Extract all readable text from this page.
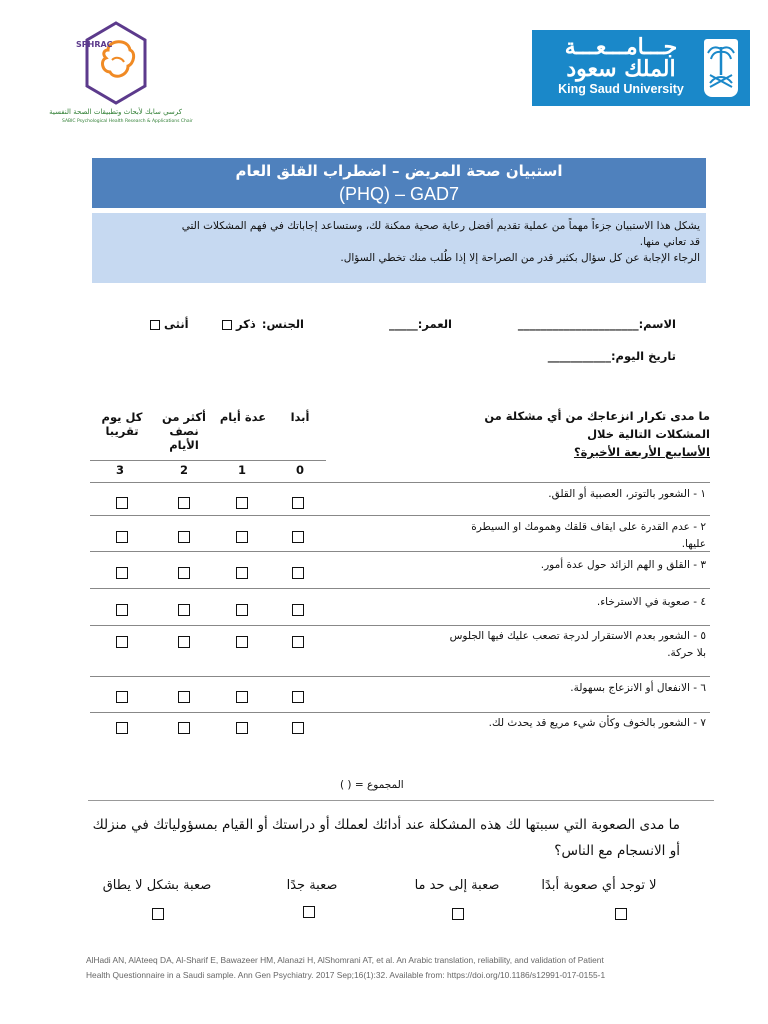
SPHRAC
كرسي سابك لأبحاث وتطبيقات الصحة النفسية
SABIC Psychological Health Research & Applications Chair
جـــامـــعـــة
الملك سعود
King Saud University
استبيان صحة المريض – اضطراب القلق العام
(PHQ) – GAD7
يشكل هذا الاستبيان جزءاً مهماً من عملية تقديم أفضل رعاية صحية ممكنة لك، وستساعد إجاباتك في فهم المشكلات التي
قد تعاني منها.
الرجاء الإجابة عن كل سؤال بكثير قدر من الصراحة إلا إذا طُلب منك تخطي السؤال.
الاسم:_____________________
العمر:_____
الجنس:
ذكر
أنثى
تاريخ اليوم:___________
ما مدى تكرار انزعاجك من أي مشكلة من المشكلات التالية خلال
الأسابيع الأربعة الأخيرة؟
أبدا
عدة أيام
أكثر من نصف الأيام
كل يوم تقريبا
0
1
2
3
١ - الشعور بالتوتر، العصبية أو القلق.
٢ - عدم القدرة على ايقاف قلقك وهمومك او السيطرة عليها.
٣ - القلق و الهم الزائد حول عدة أمور.
٤ - صعوبة في الاسترخاء.
٥ - الشعور بعدم الاستقرار لدرجة تصعب عليك فيها الجلوس بلا حركة.
٦ - الانفعال أو الانزعاج بسهولة.
٧ - الشعور بالخوف وكأن شيء مريع قد يحدث لك.
المجموع = ( )
ما مدى الصعوبة التي سببتها لك هذه المشكلة عند أدائك لعملك أو دراستك أو القيام بمسؤولياتك في منزلك أو الانسجام مع الناس؟
لا توجد أي صعوبة أبدًا
صعبة إلى حد ما
صعبة جدًا
صعبة بشكل لا يطاق
AlHadi AN, AlAteeq DA, Al-Sharif E, Bawazeer HM, Alanazi H, AlShomrani AT, et al. An Arabic translation, reliability, and validation of Patient
Health Questionnaire in a Saudi sample. Ann Gen Psychiatry. 2017 Sep;16(1):32. Available from: https://doi.org/10.1186/s12991-017-0155-1
